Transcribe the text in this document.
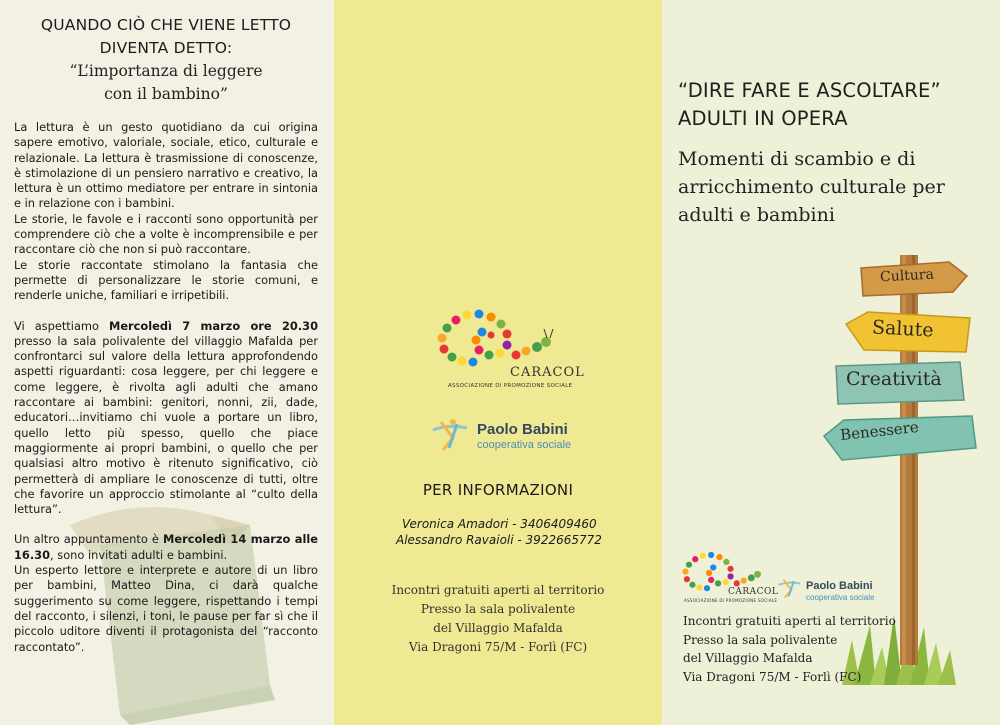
QUANDO CIÒ CHE VIENE LETTO
DIVENTA DETTO:
“L’importanza di leggere
con il bambino”

La lettura è un gesto quotidiano da cui origina sapere emotivo, valoriale, sociale, etico, culturale e relazionale. La lettura è trasmissione di conoscenze, è stimolazione di un pensiero narrativo e creativo, la lettura è un ottimo mediatore per entrare in sintonia e in relazione con i bambini.

Le storie, le favole e i racconti sono opportunità per comprendere ciò che a volte è incomprensibile e per raccontare ciò che non si può raccontare.

Le storie raccontate stimolano la fantasia che permette di personalizzare le storie comuni, e renderle uniche, familiari e irripetibili.

Vi aspettiamo Mercoledì 7 marzo ore 20.30 presso la sala polivalente del villaggio Mafalda per confrontarci sul valore della lettura approfondendo aspetti riguardanti: cosa leggere, per chi leggere e come leggere, è rivolta agli adulti che amano raccontare ai bambini: genitori, nonni, zii, dade, educatori…invitiamo chi vuole a portare un libro, quello letto più spesso, quello che piace maggiormente ai propri bambini, o quello che per qualsiasi altro motivo è ritenuto significativo, ciò permetterà di ampliare le conoscenze di tutti, oltre che favorire un approccio stimolante al “culto della lettura”.

Un altro appuntamento è Mercoledì 14 marzo alle 16.30, sono invitati adulti e bambini.

Un esperto lettore e interprete e autore di un libro per bambini, Matteo Dina, ci darà qualche suggerimento su come leggere, rispettando i tempi del racconto, i silenzi, i toni, le pause per far sì che il piccolo uditore diventi il protagonista del “racconto raccontato”.

CARACOL
ASSOCIAZIONE DI PROMOZIONE SOCIALE
Paolo Babini
cooperativa sociale
PER INFORMAZIONI
Veronica Amadori - 3406409460
Alessandro Ravaioli - 3922665772
Incontri gratuiti aperti al territorio
Presso la sala polivalente
del Villaggio Mafalda
Via Dragoni 75/M - Forlì (FC)
“DIRE FARE E ASCOLTARE”
ADULTI IN OPERA
Momenti di scambio e di
arricchimento culturale per
adulti e bambini
Cultura
Salute
Creatività
Benessere
CARACOL
ASSOCIAZIONE DI PROMOZIONE SOCIALE
Paolo Babini
cooperativa sociale
Incontri gratuiti aperti al territorio
Presso la sala polivalente
del Villaggio Mafalda
Via Dragoni 75/M - Forlì (FC)
